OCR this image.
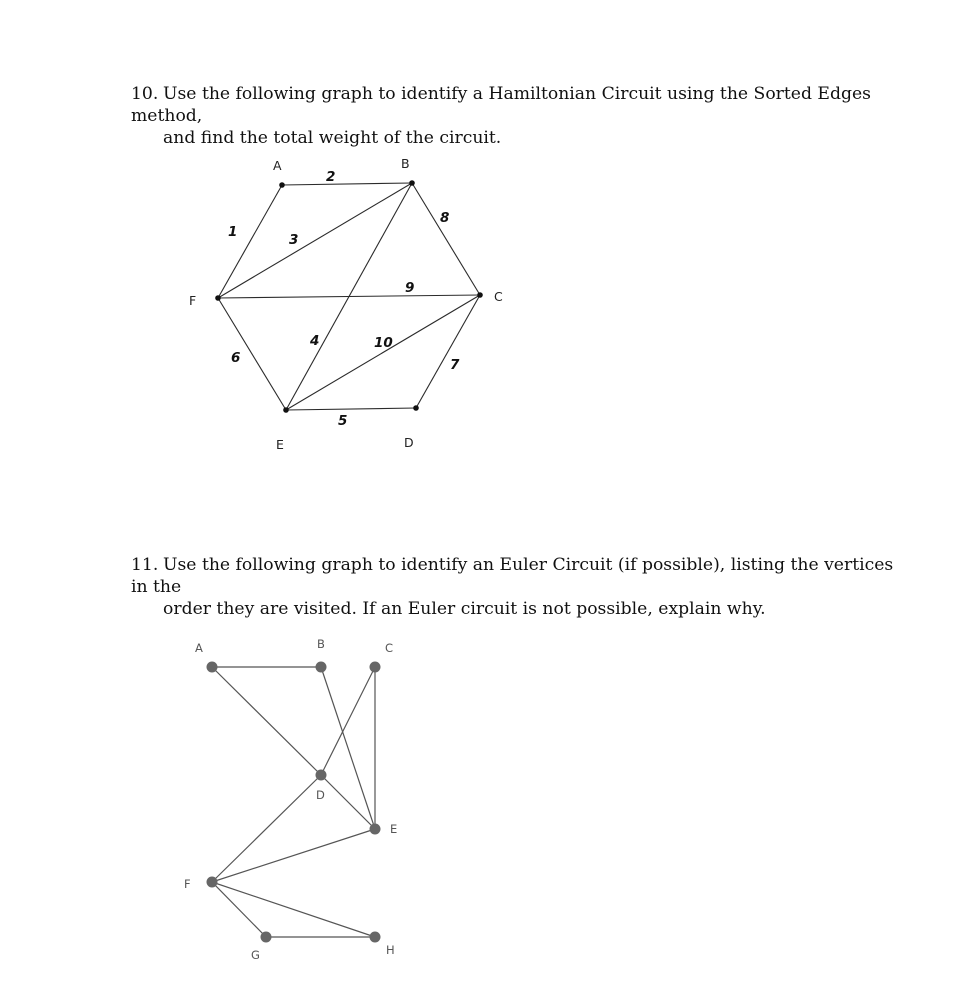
10. Use the following graph to identify a Hamiltonian Circuit using the Sorted Edges method,
and find the total weight of the circuit.

11. Use the following graph to identify an Euler Circuit (if possible), listing the vertices in the
order they are visited. If an Euler circuit is not possible, explain why.

A	B
C
D
E
F
2
1	3
8
9
4	10
7
5
6
A	B	C
D
E
F
G	H
